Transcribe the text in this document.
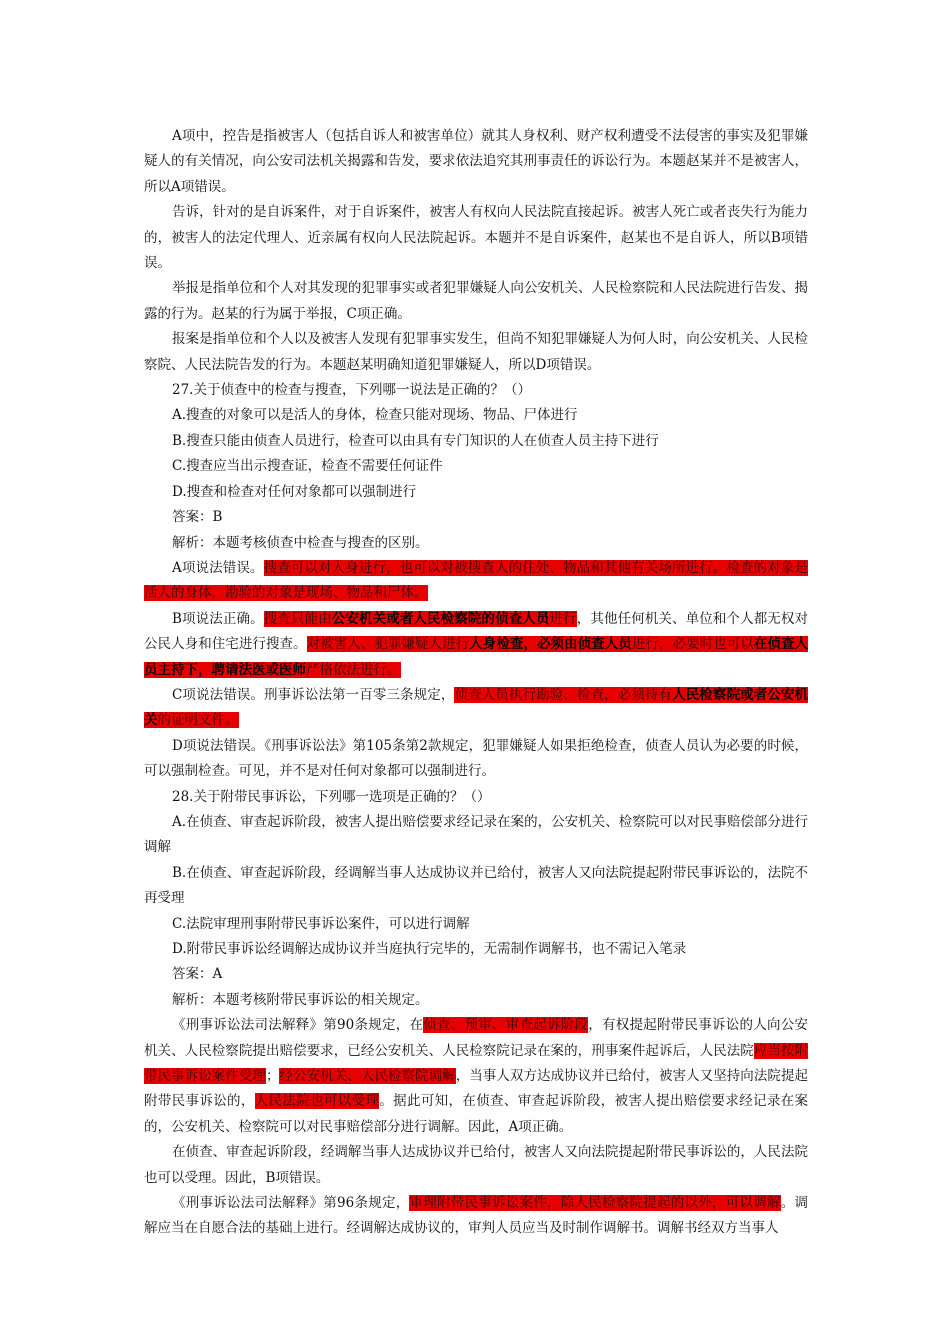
A项中，控告是指被害人（包括自诉人和被害单位）就其人身权利、财产权利遭受不法侵害的事实及犯罪嫌疑人的有关情况，向公安司法机关揭露和告发，要求依法追究其刑事责任的诉讼行为。本题赵某并不是被害人，所以A项错误。

告诉，针对的是自诉案件，对于自诉案件，被害人有权向人民法院直接起诉。被害人死亡或者丧失行为能力的，被害人的法定代理人、近亲属有权向人民法院起诉。本题并不是自诉案件，赵某也不是自诉人，所以B项错误。

举报是指单位和个人对其发现的犯罪事实或者犯罪嫌疑人向公安机关、人民检察院和人民法院进行告发、揭露的行为。赵某的行为属于举报，C项正确。

报案是指单位和个人以及被害人发现有犯罪事实发生，但尚不知犯罪嫌疑人为何人时，向公安机关、人民检察院、人民法院告发的行为。本题赵某明确知道犯罪嫌疑人，所以D项错误。

27.关于侦查中的检查与搜查，下列哪一说法是正确的？（）

A.搜查的对象可以是活人的身体，检查只能对现场、物品、尸体进行

B.搜查只能由侦查人员进行，检查可以由具有专门知识的人在侦查人员主持下进行

C.搜查应当出示搜查证，检查不需要任何证件

D.搜查和检查对任何对象都可以强制进行

答案：B

解析：本题考核侦查中检查与搜查的区别。

A项说法错误。搜查可以对人身进行，也可以对被搜查人的住处、物品和其他有关场所进行。检查的对象是活人的身体，勘验的对象是现场、物品和尸体。

B项说法正确。搜查只能由公安机关或者人民检察院的侦查人员进行，其他任何机关、单位和个人都无权对公民人身和住宅进行搜查。对被害人、犯罪嫌疑人进行人身检查，必须由侦查人员进行，必要时也可以在侦查人员主持下，聘请法医或医师严格依法进行。

C项说法错误。刑事诉讼法第一百零三条规定，侦查人员执行勘验、检查，必须持有人民检察院或者公安机关的证明文件。

D项说法错误。《刑事诉讼法》第105条第2款规定，犯罪嫌疑人如果拒绝检查，侦查人员认为必要的时候，可以强制检查。可见，并不是对任何对象都可以强制进行。

28.关于附带民事诉讼，下列哪一选项是正确的？（）

A.在侦查、审查起诉阶段，被害人提出赔偿要求经记录在案的，公安机关、检察院可以对民事赔偿部分进行调解

B.在侦查、审查起诉阶段，经调解当事人达成协议并已给付，被害人又向法院提起附带民事诉讼的，法院不再受理

C.法院审理刑事附带民事诉讼案件，可以进行调解

D.附带民事诉讼经调解达成协议并当庭执行完毕的，无需制作调解书，也不需记入笔录

答案：A

解析：本题考核附带民事诉讼的相关规定。

《刑事诉讼法司法解释》第90条规定，在侦查、预审、审查起诉阶段，有权提起附带民事诉讼的人向公安机关、人民检察院提出赔偿要求，已经公安机关、人民检察院记录在案的，刑事案件起诉后，人民法院应当按附带民事诉讼案件受理；经公安机关、人民检察院调解，当事人双方达成协议并已给付，被害人又坚持向法院提起附带民事诉讼的，人民法院也可以受理。据此可知，在侦查、审查起诉阶段，被害人提出赔偿要求经记录在案的，公安机关、检察院可以对民事赔偿部分进行调解。因此，A项正确。

在侦查、审查起诉阶段，经调解当事人达成协议并已给付，被害人又向法院提起附带民事诉讼的，人民法院也可以受理。因此，B项错误。

《刑事诉讼法司法解释》第96条规定，审理附带民事诉讼案件，除人民检察院提起的以外，可以调解。调解应当在自愿合法的基础上进行。经调解达成协议的，审判人员应当及时制作调解书。调解书经双方当事人
